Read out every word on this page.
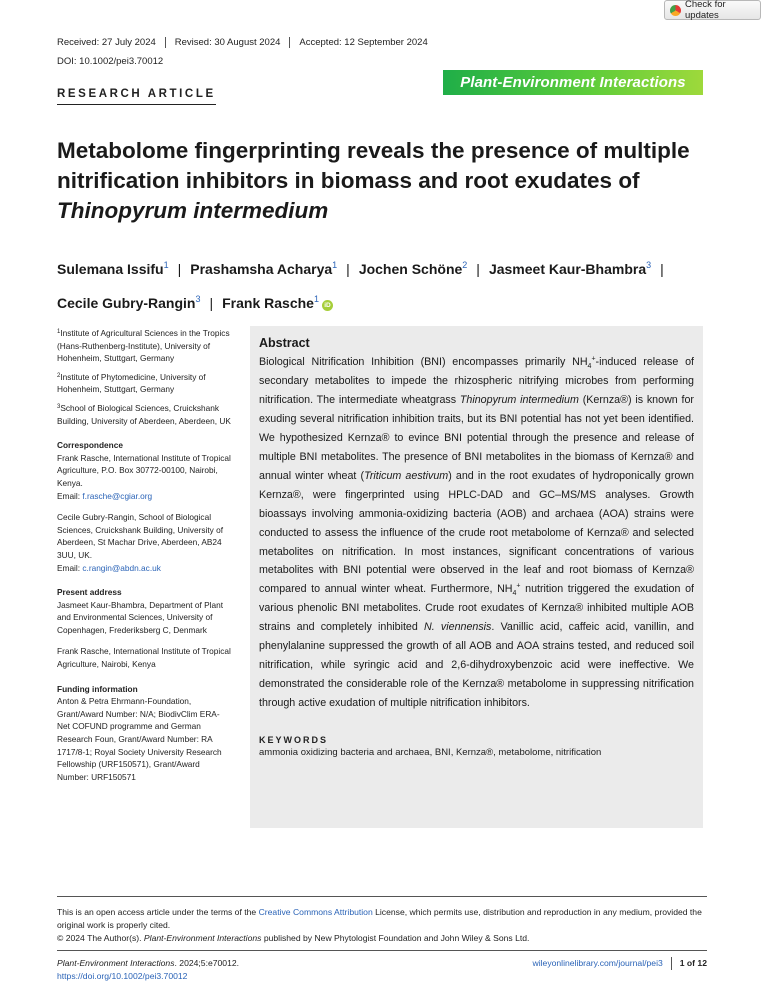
Check for updates
Received: 27 July 2024	Revised: 30 August 2024	Accepted: 12 September 2024
DOI: 10.1002/pei3.70012
Plant-Environment Interactions
RESEARCH ARTICLE
Metabolome fingerprinting reveals the presence of multiple nitrification inhibitors in biomass and root exudates of Thinopyrum intermedium
Sulemana Issifu$^1$ | Prashamsha Acharya$^1$ | Jochen Schöne$^2$ | Jasmeet Kaur-Bhambra$^3$ |
Cecile Gubry-Rangin$^3$ | Frank Rasche$^1$iD
$^1$Institute of Agricultural Sciences in the Tropics (Hans-Ruthenberg-Institute), University of Hohenheim, Stuttgart, Germany
$^2$Institute of Phytomedicine, University of Hohenheim, Stuttgart, Germany
$^3$School of Biological Sciences, Cruickshank Building, University of Aberdeen, Aberdeen, UK
Correspondence
Frank Rasche, International Institute of Tropical Agriculture, P.O. Box 30772-00100, Nairobi, Kenya.
Email: f.rasche@cgiar.org
Cecile Gubry-Rangin, School of Biological Sciences, Cruickshank Building, University of Aberdeen, St Machar Drive, Aberdeen, AB24 3UU, UK.
Email: c.rangin@abdn.ac.uk
Present address
Jasmeet Kaur-Bhambra, Department of Plant and Environmental Sciences, University of Copenhagen, Frederiksberg C, Denmark
Frank Rasche, International Institute of Tropical Agriculture, Nairobi, Kenya
Funding information
Anton & Petra Ehrmann-Foundation, Grant/Award Number: N/A; BiodivClim ERA-Net COFUND programme and German Research Foun, Grant/Award Number: RA 1717/8-1; Royal Society University Research Fellowship (URF150571), Grant/Award Number: URF150571
Abstract

Biological Nitrification Inhibition (BNI) encompasses primarily $NH_4^+$-induced release of secondary metabolites to impede the rhizospheric nitrifying microbes from performing nitrification. The intermediate wheatgrass Thinopyrum intermedium (Kernza®) is known for exuding several nitrification inhibition traits, but its BNI potential has not yet been identified. We hypothesized Kernza® to evince BNI potential through the presence and release of multiple BNI metabolites. The presence of BNI metabolites in the biomass of Kernza® and annual winter wheat (Triticum aestivum) and in the root exudates of hydroponically grown Kernza®, were fingerprinted using HPLC-DAD and GC–MS/MS analyses. Growth bioassays involving ammonia-oxidizing bacteria (AOB) and archaea (AOA) strains were conducted to assess the influence of the crude root metabolome of Kernza® and selected metabolites on nitrification. In most instances, significant concentrations of various metabolites with BNI potential were observed in the leaf and root biomass of Kernza® compared to annual winter wheat. Furthermore, $NH_4^+$ nutrition triggered the exudation of various phenolic BNI metabolites. Crude root exudates of Kernza® inhibited multiple AOB strains and completely inhibited N. viennensis. Vanillic acid, caffeic acid, vanillin, and phenylalanine suppressed the growth of all AOB and AOA strains tested, and reduced soil nitrification, while syringic acid and 2,6-dihydroxybenzoic acid were ineffective. We demonstrated the considerable role of the Kernza® metabolome in suppressing nitrification through active exudation of multiple nitrification inhibitors.

KEYWORDS
ammonia oxidizing bacteria and archaea, BNI, Kernza®, metabolome, nitrification
This is an open access article under the terms of the Creative Commons Attribution License, which permits use, distribution and reproduction in any medium, provided the original work is properly cited.
© 2024 The Author(s). Plant-Environment Interactions published by New Phytologist Foundation and John Wiley & Sons Ltd.
Plant-Environment Interactions. 2024;5:e70012.
https://doi.org/10.1002/pei3.70012
wileyonlinelibrary.com/journal/pei3	1 of 12
